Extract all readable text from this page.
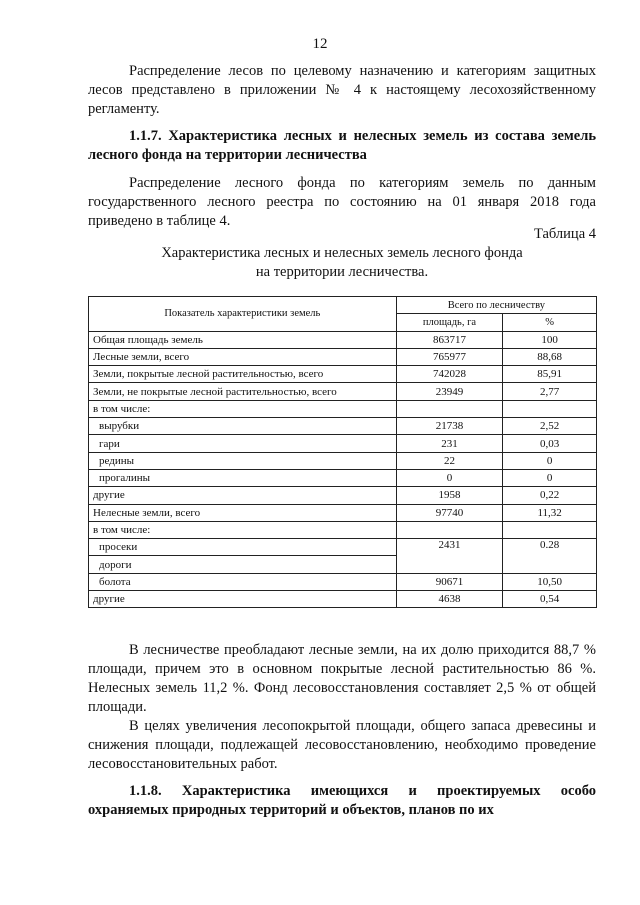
12

Распределение лесов по целевому назначению и категориям защитных лесов представлено в приложении № 4 к настоящему лесохозяйственному регламенту.

1.1.7. Характеристика лесных и нелесных земель из состава земель лесного фонда на территории лесничества

Распределение лесного фонда по категориям земель по данным государственного лесного реестра по состоянию на 01 января 2018 года приведено в таблице 4.

Таблица 4
Характеристика лесных и нелесных земель лесного фонда
на территории лесничества.
Показатель характеристики земель	Всего по лесничеству	
	площадь, га	%
Общая площадь земель	863717	100
Лесные земли, всего	765977	88,68
Земли, покрытые лесной растительностью, всего	742028	85,91
Земли, не покрытые лесной растительностью, всего	23949	2,77
в том числе:		
вырубки	21738	2,52
гари	231	0,03
редины	22	0
прогалины	0	0
другие	1958	0,22
Нелесные земли, всего	97740	11,32
в том числе:		
просеки	2431	0.28
дороги		
болота	90671	10,50
другие	4638	0,54

В лесничестве преобладают лесные земли, на их долю приходится 88,7 % площади, причем это в основном покрытые лесной растительностью 86 %. Нелесных земель 11,2 %. Фонд лесовосстановления составляет 2,5 % от общей площади.

В целях увеличения лесопокрытой площади, общего запаса древесины и снижения площади, подлежащей лесовосстановлению, необходимо проведение лесовосстановительных работ.

1.1.8. Характеристика имеющихся и проектируемых особо охраняемых природных территорий и объектов, планов по их
